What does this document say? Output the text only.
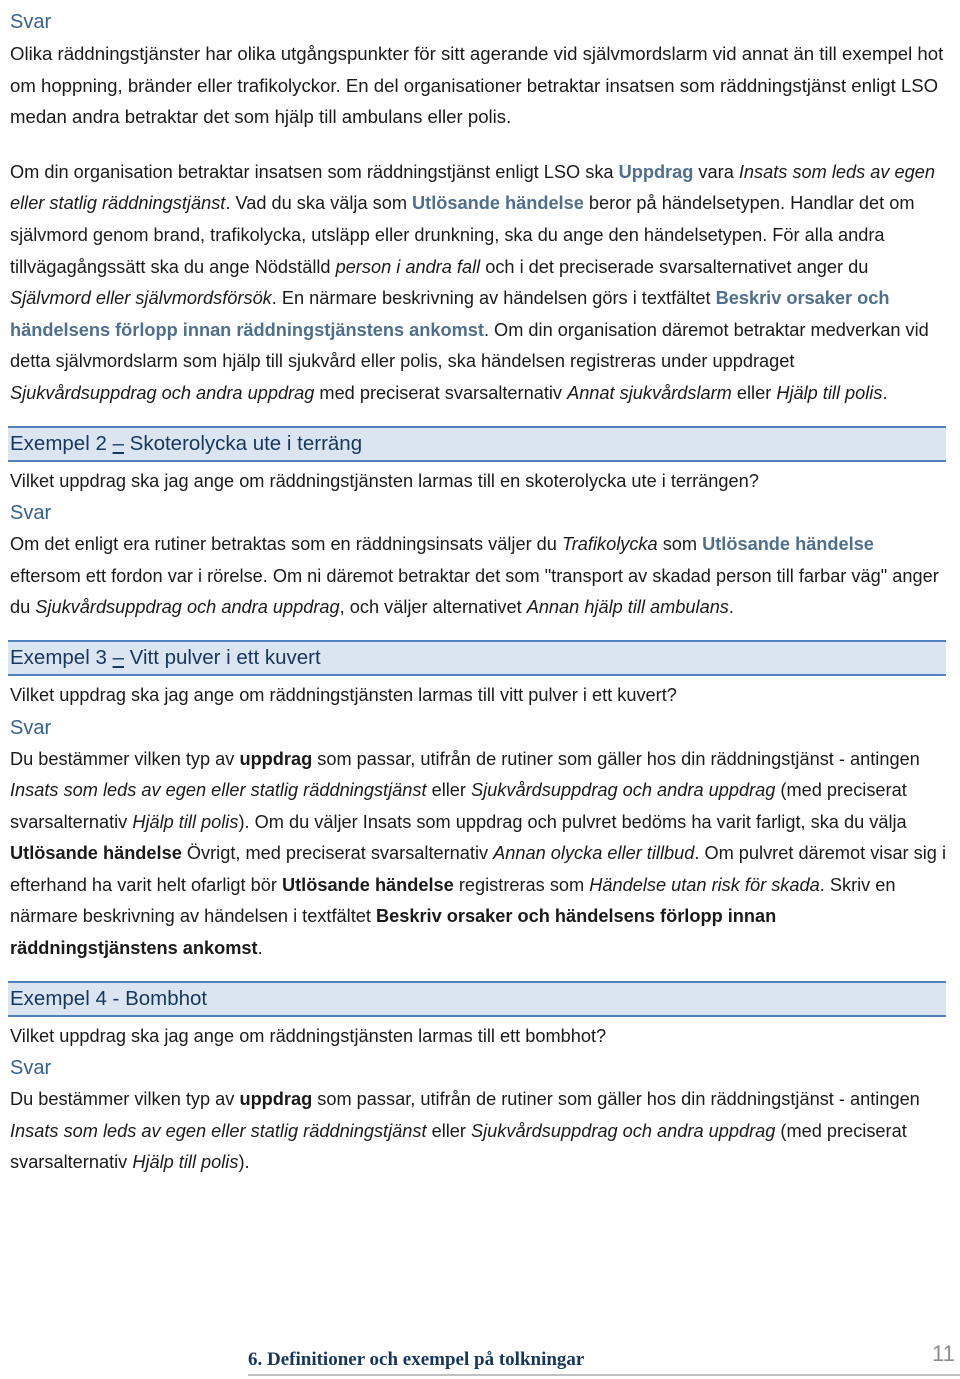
Svar

Olika räddningstjänster har olika utgångspunkter för sitt agerande vid självmordslarm vid annat än till exempel hot om hoppning, bränder eller trafikolyckor. En del organisationer betraktar insatsen som räddningstjänst enligt LSO medan andra betraktar det som hjälp till ambulans eller polis.

Om din organisation betraktar insatsen som räddningstjänst enligt LSO ska Uppdrag vara Insats som leds av egen eller statlig räddningstjänst. Vad du ska välja som Utlösande händelse beror på händelsetypen. Handlar det om självmord genom brand, trafikolycka, utsläpp eller drunkning, ska du ange den händelsetypen. För alla andra tillvägagångssätt ska du ange Nödställd person i andra fall och i det preciserade svarsalternativet anger du Självmord eller självmordsförsök. En närmare beskrivning av händelsen görs i textfältet Beskriv orsaker och händelsens förlopp innan räddningstjänstens ankomst. Om din organisation däremot betraktar medverkan vid detta självmordslarm som hjälp till sjukvård eller polis, ska händelsen registreras under uppdraget Sjukvårdsuppdrag och andra uppdrag med preciserat svarsalternativ Annat sjukvårdslarm eller Hjälp till polis.

Exempel 2 – Skoterolycka ute i terräng

Vilket uppdrag ska jag ange om räddningstjänsten larmas till en skoterolycka ute i terrängen?

Svar

Om det enligt era rutiner betraktas som en räddningsinsats väljer du Trafikolycka som Utlösande händelse eftersom ett fordon var i rörelse. Om ni däremot betraktar det som "transport av skadad person till farbar väg" anger du Sjukvårdsuppdrag och andra uppdrag, och väljer alternativet Annan hjälp till ambulans.

Exempel 3 – Vitt pulver i ett kuvert

Vilket uppdrag ska jag ange om räddningstjänsten larmas till vitt pulver i ett kuvert?

Svar

Du bestämmer vilken typ av uppdrag som passar, utifrån de rutiner som gäller hos din räddningstjänst - antingen Insats som leds av egen eller statlig räddningstjänst eller Sjukvårdsuppdrag och andra uppdrag (med preciserat svarsalternativ Hjälp till polis). Om du väljer Insats som uppdrag och pulvret bedöms ha varit farligt, ska du välja Utlösande händelse Övrigt, med preciserat svarsalternativ Annan olycka eller tillbud. Om pulvret däremot visar sig i efterhand ha varit helt ofarligt bör Utlösande händelse registreras som Händelse utan risk för skada. Skriv en närmare beskrivning av händelsen i textfältet Beskriv orsaker och händelsens förlopp innan räddningstjänstens ankomst.

Exempel 4 - Bombhot

Vilket uppdrag ska jag ange om räddningstjänsten larmas till ett bombhot?

Svar

Du bestämmer vilken typ av uppdrag som passar, utifrån de rutiner som gäller hos din räddningstjänst - antingen Insats som leds av egen eller statlig räddningstjänst eller Sjukvårdsuppdrag och andra uppdrag (med preciserat svarsalternativ Hjälp till polis).

6. Definitioner och exempel på tolkningar	11
